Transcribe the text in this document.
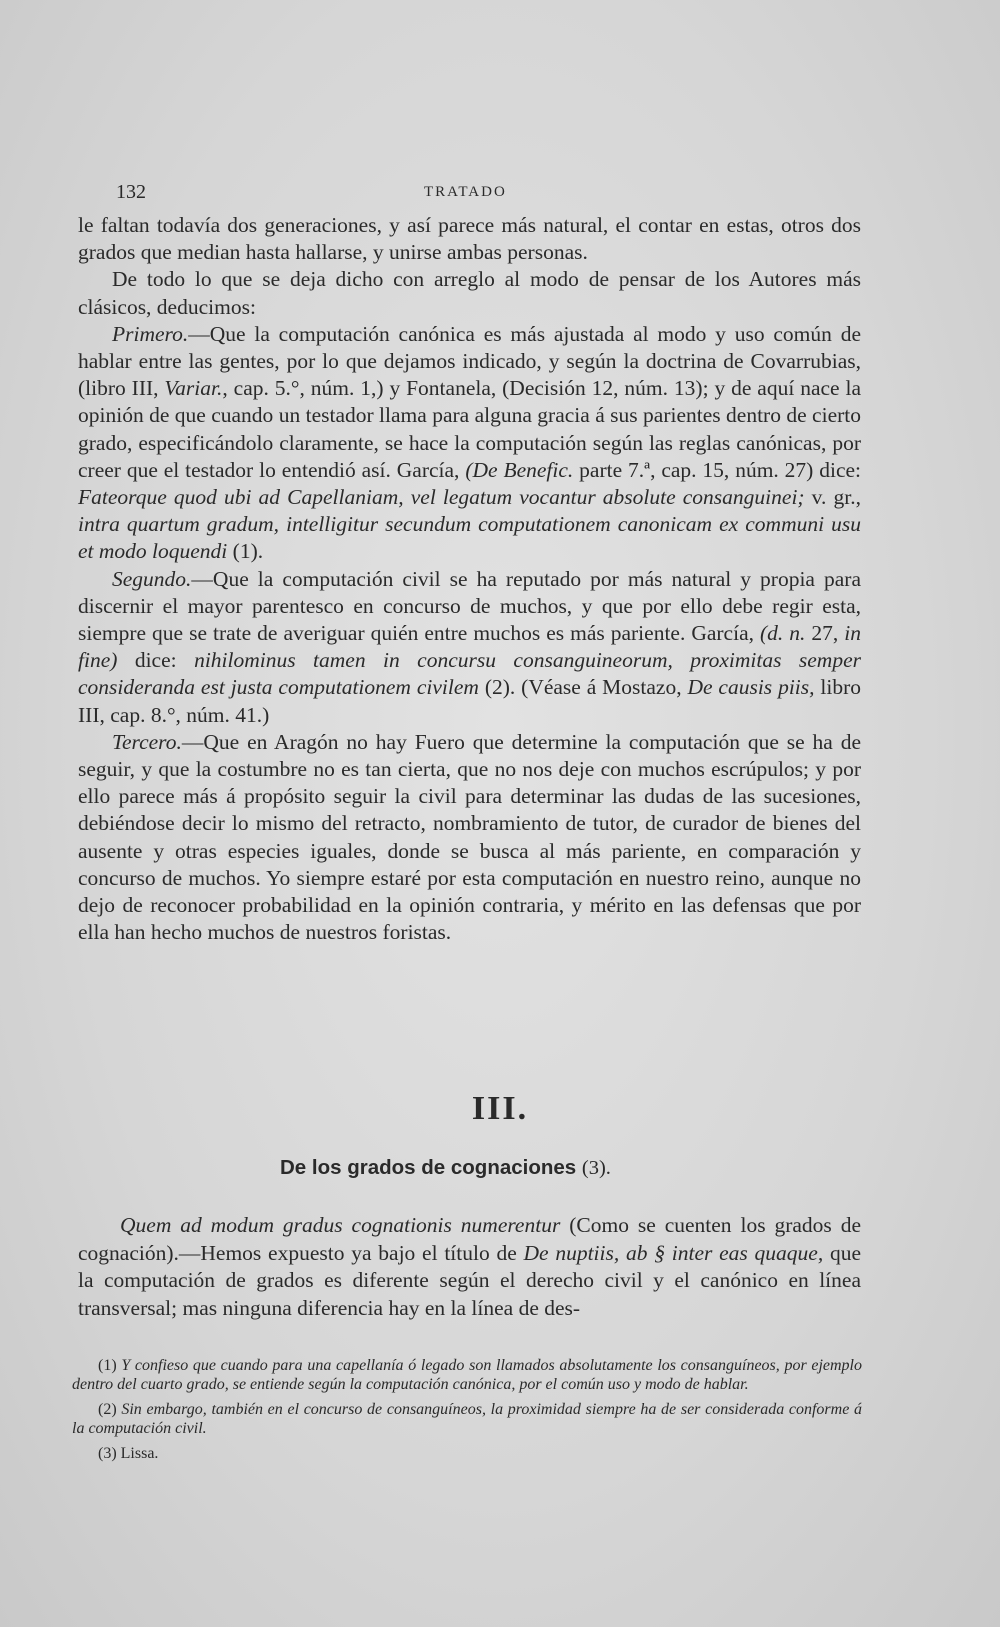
132	TRATADO

le faltan todavía dos generaciones, y así parece más natural, el contar en estas, otros dos grados que median hasta hallarse, y unirse ambas personas.

De todo lo que se deja dicho con arreglo al modo de pensar de los Autores más clásicos, deducimos:

Primero.—Que la computación canónica es más ajustada al modo y uso común de hablar entre las gentes, por lo que dejamos indicado, y según la doctrina de Covarrubias, (libro III, Variar., cap. 5.°, núm. 1,) y Fontanela, (Decisión 12, núm. 13); y de aquí nace la opinión de que cuando un testador llama para alguna gracia á sus parientes dentro de cierto grado, especificándolo claramente, se hace la computación según las reglas canónicas, por creer que el testador lo entendió así. García, (De Benefic. parte 7.ª, cap. 15, núm. 27) dice: Fateorque quod ubi ad Capellaniam, vel legatum vocantur absolute consanguinei; v. gr., intra quartum gradum, intelligitur secundum computationem canonicam ex communi usu et modo loquendi (1).

Segundo.—Que la computación civil se ha reputado por más natural y propia para discernir el mayor parentesco en concurso de muchos, y que por ello debe regir esta, siempre que se trate de averiguar quién entre muchos es más pariente. García, (d. n. 27, in fine) dice: nihilominus tamen in concursu consanguineorum, proximitas semper consideranda est justa computationem civilem (2). (Véase á Mostazo, De causis piis, libro III, cap. 8.°, núm. 41.)

Tercero.—Que en Aragón no hay Fuero que determine la computación que se ha de seguir, y que la costumbre no es tan cierta, que no nos deje con muchos escrúpulos; y por ello parece más á propósito seguir la civil para determinar las dudas de las sucesiones, debiéndose decir lo mismo del retracto, nombramiento de tutor, de curador de bienes del ausente y otras especies iguales, donde se busca al más pariente, en comparación y concurso de muchos. Yo siempre estaré por esta computación en nuestro reino, aunque no dejo de reconocer probabilidad en la opinión contraria, y mérito en las defensas que por ella han hecho muchos de nuestros foristas.

III.
De los grados de cognaciones (3).

Quem ad modum gradus cognationis numerentur (Como se cuenten los grados de cognación).—Hemos expuesto ya bajo el título de De nuptiis, ab § inter eas quaque, que la computación de grados es diferente según el derecho civil y el canónico en línea transversal; mas ninguna diferencia hay en la línea de des-

(1) Y confieso que cuando para una capellanía ó legado son llamados absolutamente los consanguíneos, por ejemplo dentro del cuarto grado, se entiende según la computación canónica, por el común uso y modo de hablar.

(2) Sin embargo, también en el concurso de consanguíneos, la proximidad siempre ha de ser considerada conforme á la computación civil.

(3) Lissa.
